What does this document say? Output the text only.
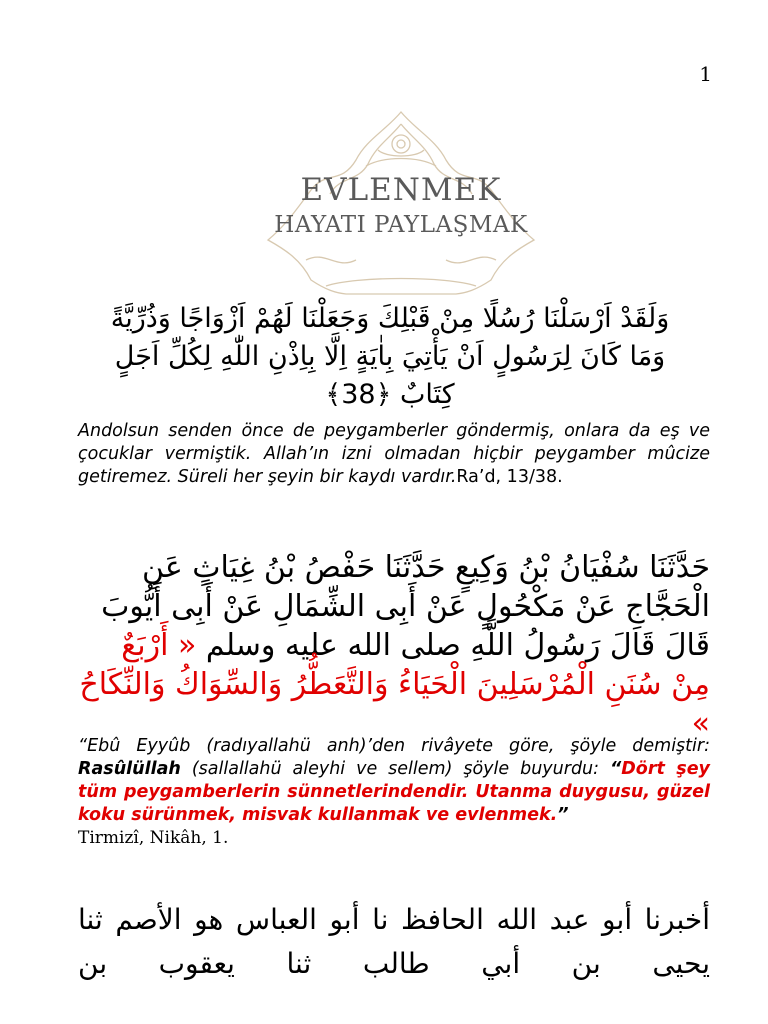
1
EVLENMEK
HAYATI PAYLAŞMAK
وَلَقَدْ اَرْسَلْنَا رُسُلًا مِنْ قَبْلِكَ وَجَعَلْنَا لَهُمْ اَزْوَاجًا وَذُرِّيَّةً
وَمَا كَانَ لِرَسُولٍ اَنْ يَأْتِيَ بِاٰيَةٍ اِلَّا بِاِذْنِ اللّٰهِ لِكُلِّ اَجَلٍ
كِتَابٌ ﴿38﴾
Andolsun senden önce de peygamberler göndermiş, onlara da eş ve çocuklar vermiştik. Allah’ın izni olmadan hiçbir peygamber mûcize getiremez. Süreli her şeyin bir kaydı vardır.Ra’d, 13/38.
حَدَّثَنَا سُفْيَانُ بْنُ وَكِيعٍ حَدَّثَنَا حَفْصُ بْنُ غِيَاثٍ عَنِ الْحَجَّاجِ عَنْ مَكْحُولٍ عَنْ أَبِى الشِّمَالِ عَنْ أَبِى أَيُّوبَ قَالَ قَالَ رَسُولُ اللَّهِ صلى الله عليه وسلم « أَرْبَعٌ مِنْ سُنَنِ الْمُرْسَلِينَ الْحَيَاءُ وَالتَّعَطُّرُ وَالسِّوَاكُ وَالنِّكَاحُ »
“Ebû Eyyûb (radıyallahü anh)’den rivâyete göre, şöyle demiştir: Rasûlüllah (sallallahü aleyhi ve sellem) şöyle buyurdu: “Dört şey tüm peygamberlerin sünnetlerindendir. Utanma duygusu, güzel koku sürünmek, misvak kullanmak ve evlenmek.”
Tirmizî, Nikâh, 1.
أخبرنا أبو عبد الله الحافظ نا أبو العباس هو الأصم ثنا يحيى بن أبي طالب ثنا يعقوب بن
